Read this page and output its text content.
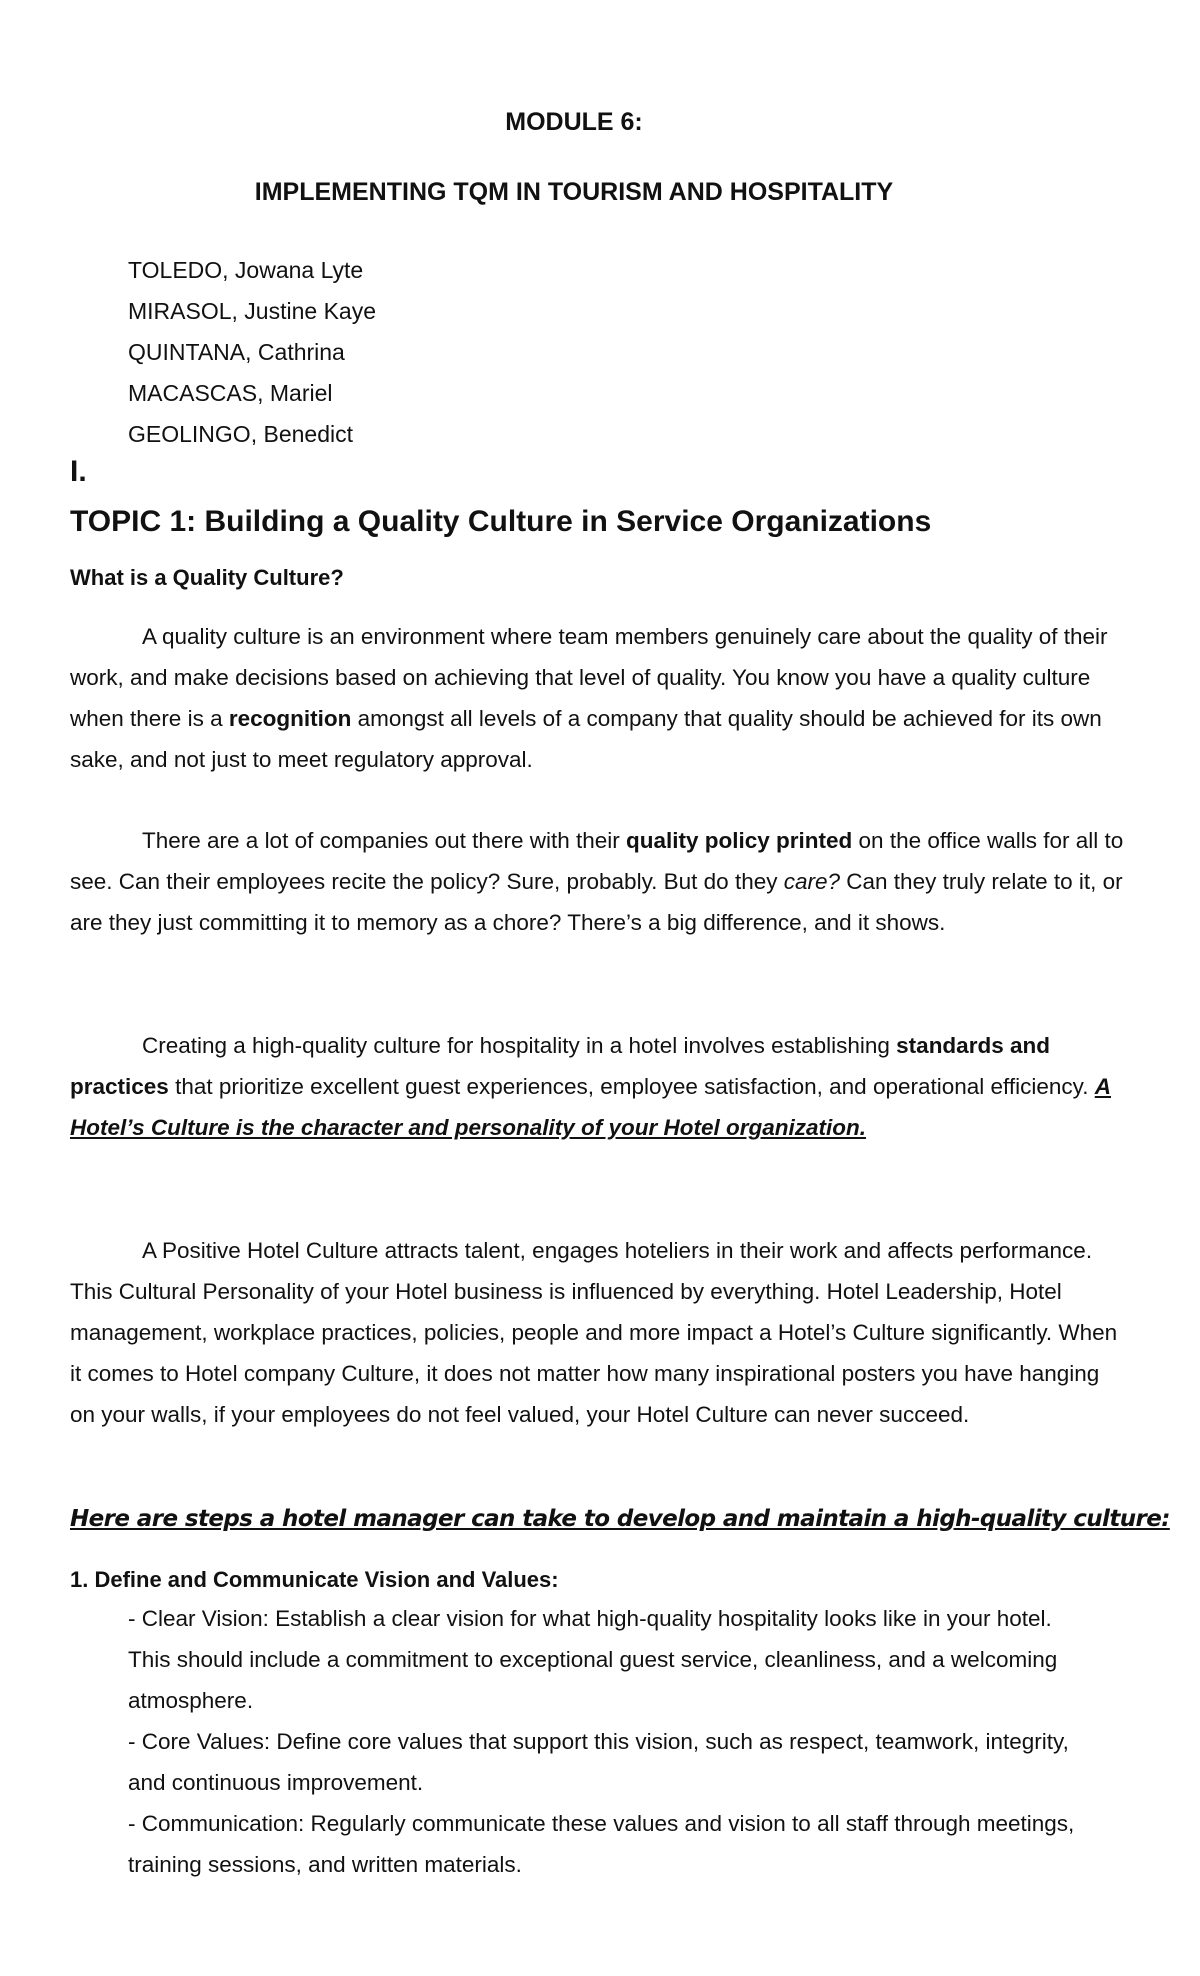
MODULE 6:
IMPLEMENTING TQM IN TOURISM AND HOSPITALITY
TOLEDO, Jowana Lyte
MIRASOL, Justine Kaye
QUINTANA, Cathrina
MACASCAS, Mariel
GEOLINGO, Benedict
I.
TOPIC 1: Building a Quality Culture in Service Organizations
What is a Quality Culture?

A quality culture is an environment where team members genuinely care about the quality of their work, and make decisions based on achieving that level of quality. You know you have a quality culture when there is a recognition amongst all levels of a company that quality should be achieved for its own sake, and not just to meet regulatory approval.

There are a lot of companies out there with their quality policy printed on the office walls for all to see. Can their employees recite the policy? Sure, probably. But do they care? Can they truly relate to it, or are they just committing it to memory as a chore? There’s a big difference, and it shows.

Creating a high-quality culture for hospitality in a hotel involves establishing standards and practices that prioritize excellent guest experiences, employee satisfaction, and operational efficiency. A Hotel’s Culture is the character and personality of your Hotel organization.

A Positive Hotel Culture attracts talent, engages hoteliers in their work and affects performance. This Cultural Personality of your Hotel business is influenced by everything. Hotel Leadership, Hotel management, workplace practices, policies, people and more impact a Hotel’s Culture significantly. When it comes to Hotel company Culture, it does not matter how many inspirational posters you have hanging on your walls, if your employees do not feel valued, your Hotel Culture can never succeed.

Here are steps a hotel manager can take to develop and maintain a high-quality culture:
1. Define and Communicate Vision and Values:

- Clear Vision: Establish a clear vision for what high-quality hospitality looks like in your hotel. This should include a commitment to exceptional guest service, cleanliness, and a welcoming atmosphere.

- Core Values: Define core values that support this vision, such as respect, teamwork, integrity, and continuous improvement.

- Communication: Regularly communicate these values and vision to all staff through meetings, training sessions, and written materials.
